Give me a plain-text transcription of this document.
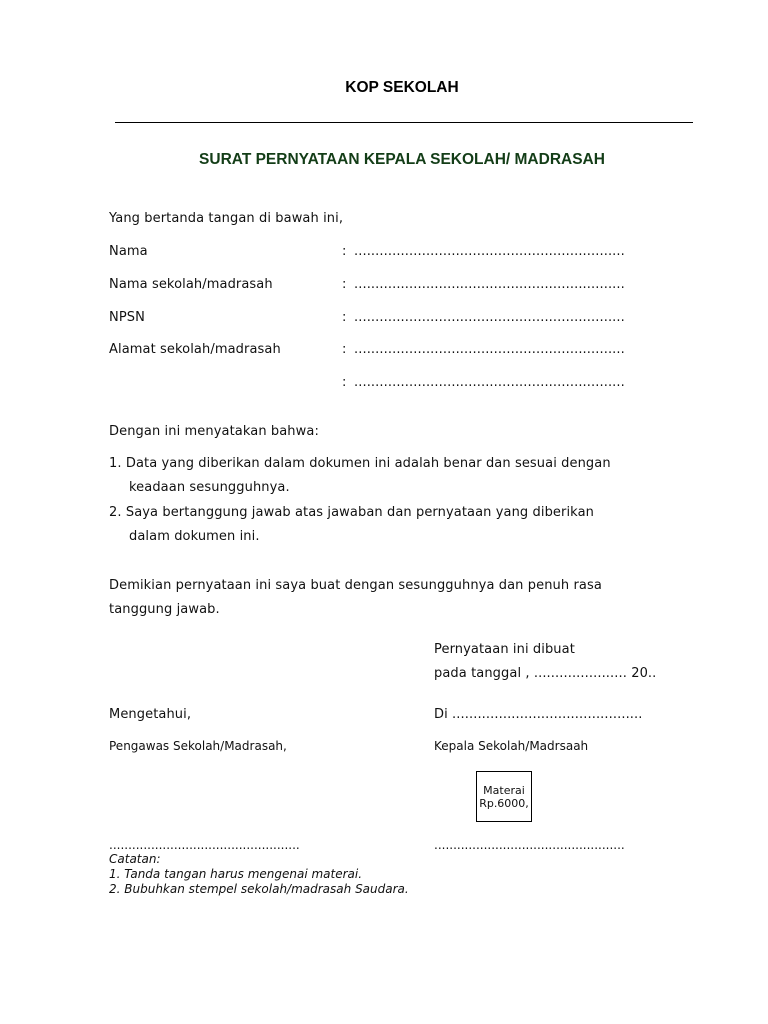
KOP SEKOLAH
SURAT PERNYATAAN KEPALA SEKOLAH/ MADRASAH
Yang bertanda tangan di bawah ini,
Nama	: ................................................................
Nama sekolah/madrasah	: ................................................................
NPSN	: ................................................................
Alamat sekolah/madrasah	: ................................................................
: ................................................................
Dengan ini menyatakan bahwa:
1. Data yang diberikan dalam dokumen ini adalah benar dan sesuai dengan
keadaan sesungguhnya.
2. Saya bertanggung jawab atas jawaban dan pernyataan yang diberikan
dalam dokumen ini.
Demikian pernyataan ini saya buat dengan sesungguhnya dan penuh rasa
tanggung jawab.
Pernyataan ini dibuat
pada tanggal , ...................... 20..
Mengetahui,	Di .............................................
Pengawas Sekolah/Madrasah,	Kepala Sekolah/Madrsaah
Materai
Rp.6000,
..................................................	..................................................
Catatan:
1. Tanda tangan harus mengenai materai.
2. Bubuhkan stempel sekolah/madrasah Saudara.
